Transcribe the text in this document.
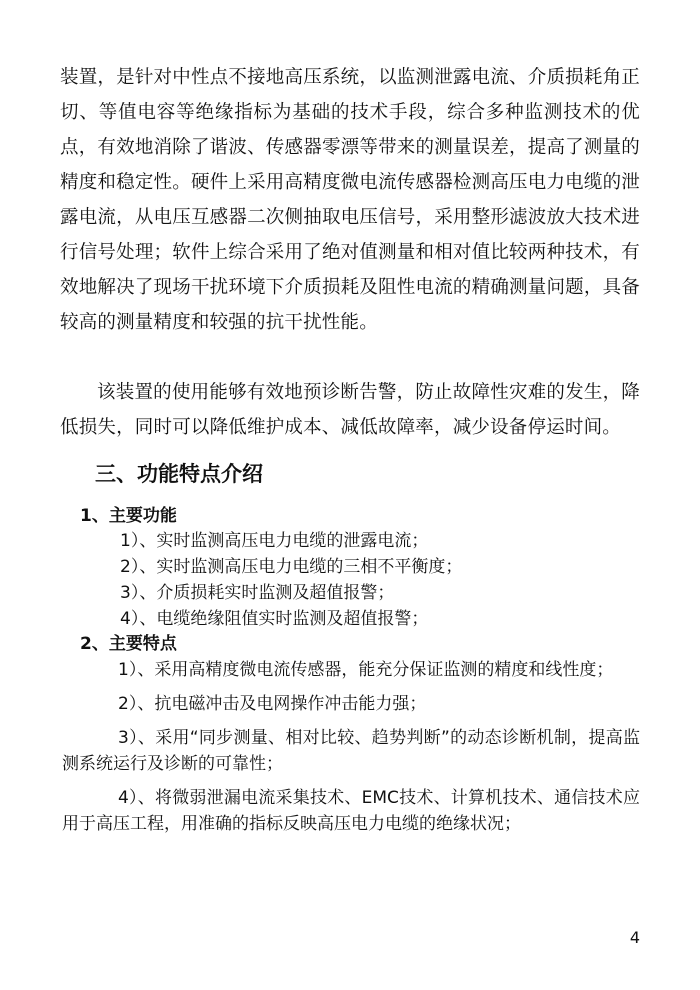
装置，是针对中性点不接地高压系统，以监测泄露电流、介质损耗角正切、等值电容等绝缘指标为基础的技术手段，综合多种监测技术的优点，有效地消除了谐波、传感器零漂等带来的测量误差，提高了测量的精度和稳定性。硬件上采用高精度微电流传感器检测高压电力电缆的泄露电流，从电压互感器二次侧抽取电压信号，采用整形滤波放大技术进行信号处理；软件上综合采用了绝对值测量和相对值比较两种技术，有效地解决了现场干扰环境下介质损耗及阻性电流的精确测量问题，具备较高的测量精度和较强的抗干扰性能。

该装置的使用能够有效地预诊断告警，防止故障性灾难的发生，降低损失，同时可以降低维护成本、减低故障率，减少设备停运时间。

三、功能特点介绍
1、主要功能
1）、实时监测高压电力电缆的泄露电流；
2）、实时监测高压电力电缆的三相不平衡度；
3）、介质损耗实时监测及超值报警；
4）、电缆绝缘阻值实时监测及超值报警；
2、主要特点
1）、采用高精度微电流传感器，能充分保证监测的精度和线性度；
2）、抗电磁冲击及电网操作冲击能力强；
3）、采用“同步测量、相对比较、趋势判断”的动态诊断机制，提高监测系统运行及诊断的可靠性；
4）、将微弱泄漏电流采集技术、EMC技术、计算机技术、通信技术应用于高压工程，用准确的指标反映高压电力电缆的绝缘状况；
4
